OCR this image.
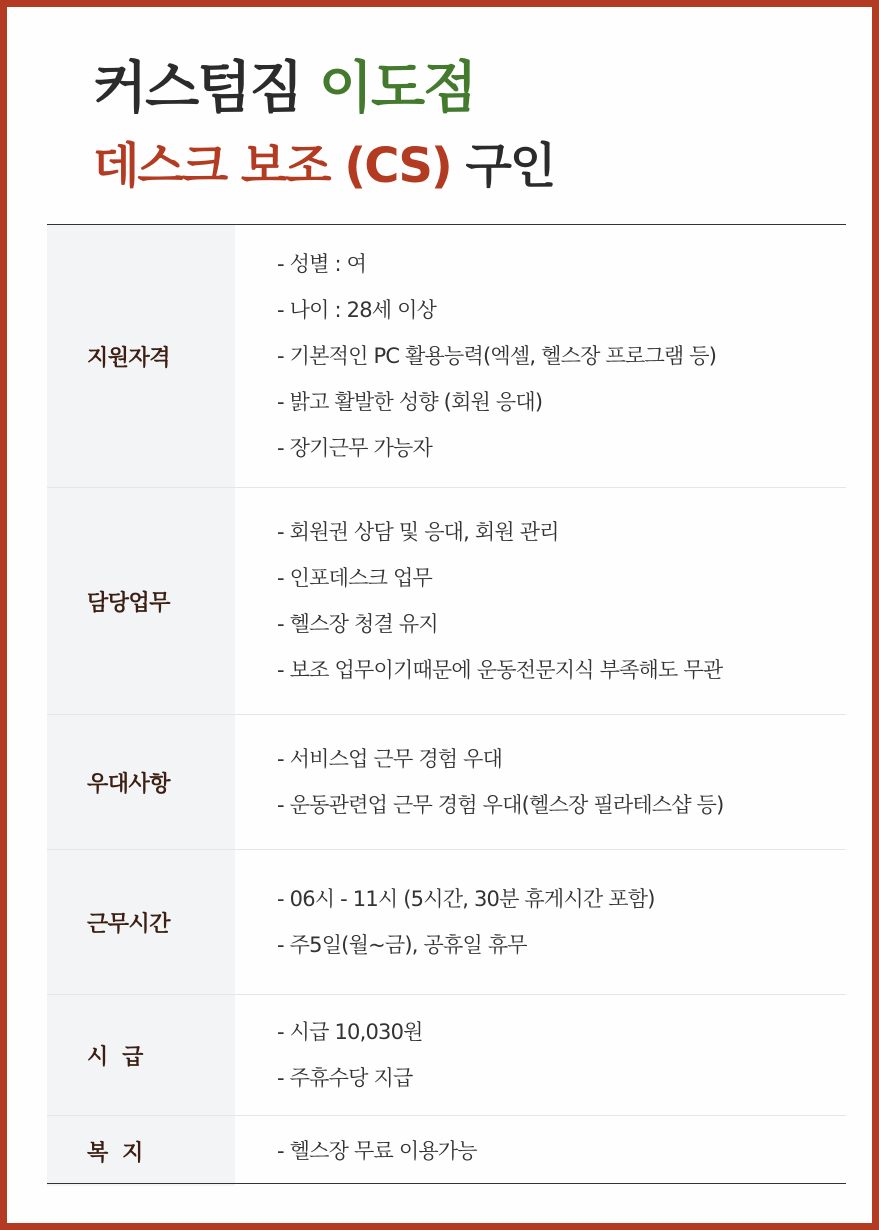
커스텀짐 이도점
데스크 보조 (CS) 구인
지원자격
- 성별 : 여
- 나이 : 28세 이상
- 기본적인 PC 활용능력(엑셀, 헬스장 프로그램 등)
- 밝고 활발한 성향 (회원 응대)
- 장기근무 가능자
담당업무
- 회원권 상담 및 응대, 회원 관리
- 인포데스크 업무
- 헬스장 청결 유지
- 보조 업무이기때문에 운동전문지식 부족해도 무관
우대사항
- 서비스업 근무 경험 우대
- 운동관련업 근무 경험 우대(헬스장 필라테스샵 등)
근무시간
- 06시 - 11시 (5시간, 30분 휴게시간 포함)
- 주5일(월~금), 공휴일 휴무
시  급
- 시급 10,030원
- 주휴수당 지급
복  지	- 헬스장 무료 이용가능
